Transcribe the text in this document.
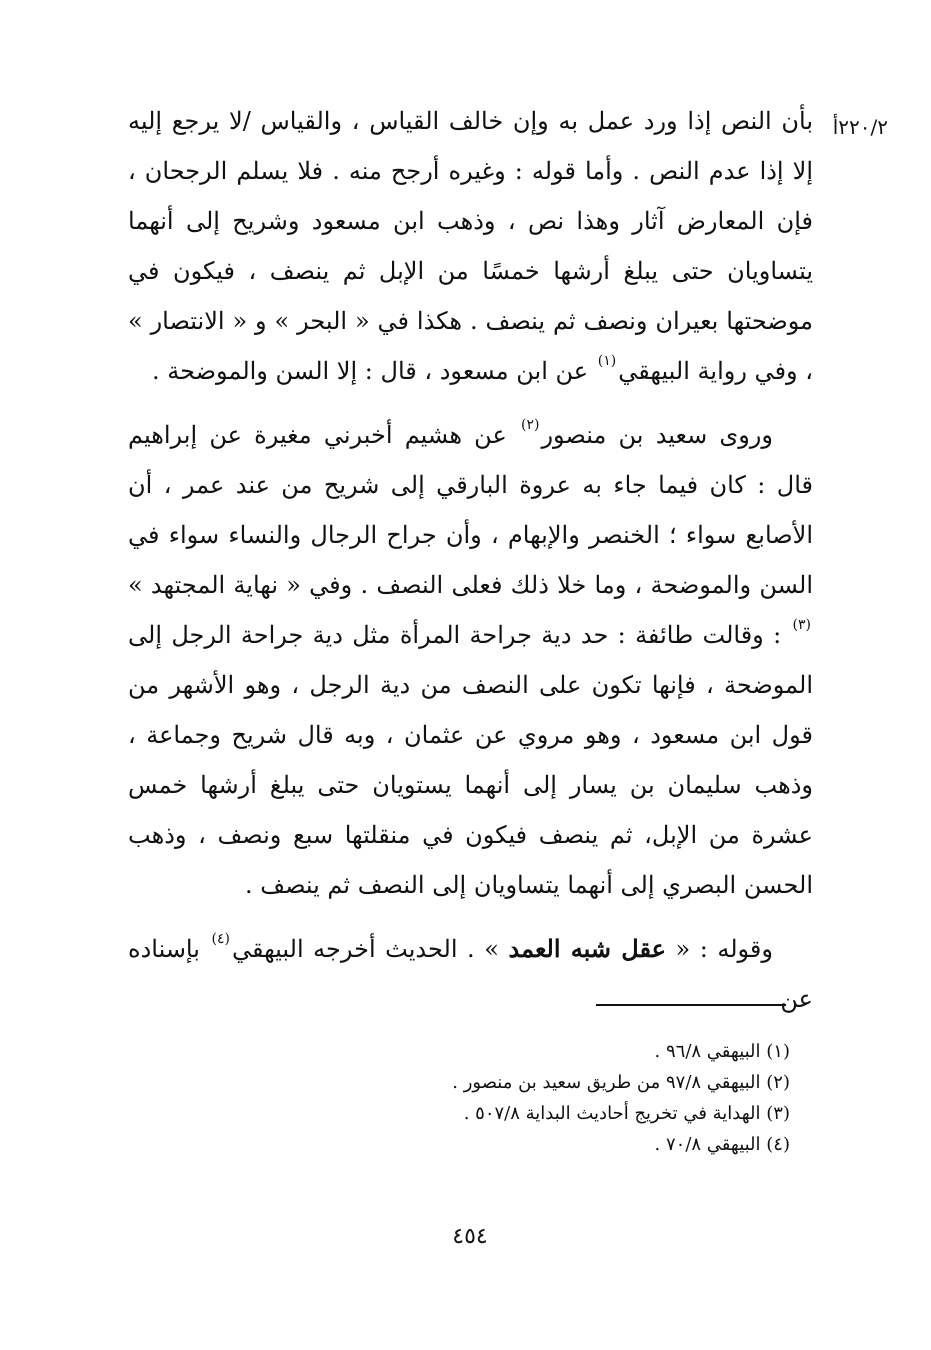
٢٢٠/٢أ

بأن النص إذا ورد عمل به وإن خالف القياس ، والقياس /لا يرجع إليه إلا إذا عدم النص . وأما قوله : وغيره أرجح منه . فلا يسلم الرجحان ، فإن المعارض آثار وهذا نص ، وذهب ابن مسعود وشريح إلى أنهما يتساويان حتى يبلغ أرشها خمسًا من الإبل ثم ينصف ، فيكون في موضحتها بعيران ونصف ثم ينصف . هكذا في « البحر » و « الانتصار » ، وفي رواية البيهقي$^{(١)}$ عن ابن مسعود ، قال : إلا السن والموضحة .

وروى سعيد بن منصور$^{(٢)}$ عن هشيم أخبرني مغيرة عن إبراهيم قال : كان فيما جاء به عروة البارقي إلى شريح من عند عمر ، أن الأصابع سواء ؛ الخنصر والإبهام ، وأن جراح الرجال والنساء سواء في السن والموضحة ، وما خلا ذلك فعلى النصف . وفي « نهاية المجتهد » $^{(٣)}$ : وقالت طائفة : حد دية جراحة المرأة مثل دية جراحة الرجل إلى الموضحة ، فإنها تكون على النصف من دية الرجل ، وهو الأشهر من قول ابن مسعود ، وهو مروي عن عثمان ، وبه قال شريح وجماعة ، وذهب سليمان بن يسار إلى أنهما يستويان حتى يبلغ أرشها خمس عشرة من الإبل، ثم ينصف فيكون في منقلتها سبع ونصف ، وذهب الحسن البصري إلى أنهما يتساويان إلى النصف ثم ينصف .

وقوله : « عقل شبه العمد » . الحديث أخرجه البيهقي$^{(٤)}$ بإسناده عن

(١) البيهقي ٩٦/٨ .
(٢) البيهقي ٩٧/٨ من طريق سعيد بن منصور .
(٣) الهداية في تخريج أحاديث البداية ٥٠٧/٨ .
(٤) البيهقي ٧٠/٨ .
٤٥٤
